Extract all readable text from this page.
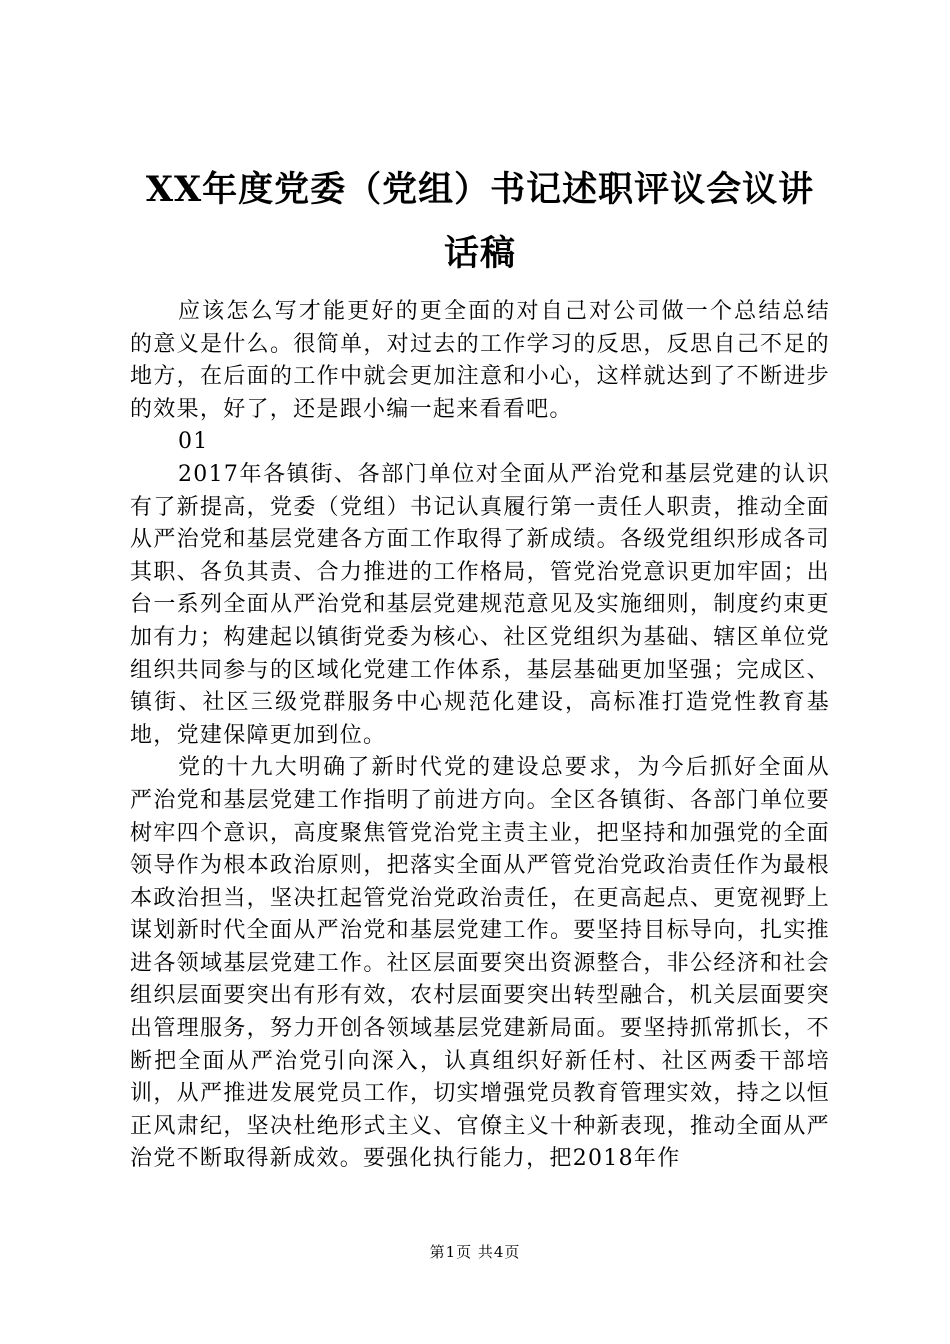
XX年度党委（党组）书记述职评议会议讲话稿

应该怎么写才能更好的更全面的对自己对公司做一个总结总结的意义是什么。很简单，对过去的工作学习的反思，反思自己不足的地方，在后面的工作中就会更加注意和小心，这样就达到了不断进步的效果，好了，还是跟小编一起来看看吧。

01

2017年各镇街、各部门单位对全面从严治党和基层党建的认识有了新提高，党委（党组）书记认真履行第一责任人职责，推动全面从严治党和基层党建各方面工作取得了新成绩。各级党组织形成各司其职、各负其责、合力推进的工作格局，管党治党意识更加牢固；出台一系列全面从严治党和基层党建规范意见及实施细则，制度约束更加有力；构建起以镇街党委为核心、社区党组织为基础、辖区单位党组织共同参与的区域化党建工作体系，基层基础更加坚强；完成区、镇街、社区三级党群服务中心规范化建设，高标准打造党性教育基地，党建保障更加到位。

党的十九大明确了新时代党的建设总要求，为今后抓好全面从严治党和基层党建工作指明了前进方向。全区各镇街、各部门单位要树牢四个意识，高度聚焦管党治党主责主业，把坚持和加强党的全面领导作为根本政治原则，把落实全面从严管党治党政治责任作为最根本政治担当，坚决扛起管党治党政治责任，在更高起点、更宽视野上谋划新时代全面从严治党和基层党建工作。要坚持目标导向，扎实推进各领域基层党建工作。社区层面要突出资源整合，非公经济和社会组织层面要突出有形有效，农村层面要突出转型融合，机关层面要突出管理服务，努力开创各领域基层党建新局面。要坚持抓常抓长，不断把全面从严治党引向深入，认真组织好新任村、社区两委干部培训，从严推进发展党员工作，切实增强党员教育管理实效，持之以恒正风肃纪，坚决杜绝形式主义、官僚主义十种新表现，推动全面从严治党不断取得新成效。要强化执行能力，把2018年作

第1页 共4页
